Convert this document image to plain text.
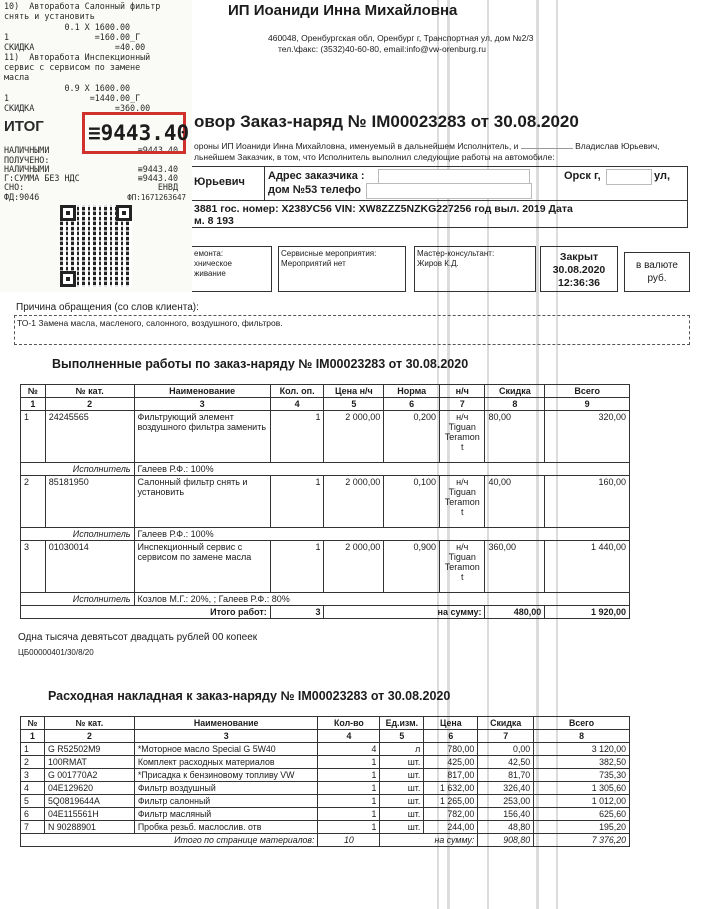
10)  Авторабота Салонный фильтр
снять и установить
0.1 X 1600.00
1                 =160.00_Г
СКИДКА                =40.00
11)  Авторабота Инспекционный
сервис с сервисом по замене
масла
0.9 X 1600.00
1                =1440.00_Г
СКИДКА                =360.00
ИТОГ
НАЛИЧНЫМИ	≡9443.40
ПОЛУЧЕНО:
НАЛИЧНЫМИ	≡9443.40
Г:СУММА БЕЗ НДС	≡9443.40
СНО:	ЕНВД
ФД:9046	ФП:1671263647
≡9443.40
ИП Иоаниди Инна Михайловна
460048, Оренбургская обл, Оренбург г, Транспортная ул, дом №2/3
тел.\факс: (3532)40-60-80, email:info@vw-orenburg.ru
овор Заказ-наряд № IM00023283 от 30.08.2020
ороны ИП Иоаниди Инна Михайловна, именуемый в дальнейшем Исполнитель, и	Владислав Юрьевич,
льнейшем Заказчик, в том, что Исполнитель выполнил следующие работы на автомобиле:
Юрьевич Адрес заказчика :	Орск г,	ул,
дом №53 телефо
3881 гос. номер: Х238УС56 VIN: XW8ZZZ5NZKG227256 год выл. 2019 Дата
м. 8 193
емонта:
хническое
живание
Сервисные мероприятия:
Мероприятий нет
Мастер-консультант:
Жиров К.Д.
Закрыт
30.08.2020
12:36:36
в валюте
руб.
Причина обращения (со слов клиента):
ТО-1 Замена масла, масленого, салонного, воздушного, фильтров.
Выполненные работы по заказ-наряду № IM00023283 от 30.08.2020
№	№ кат.	Наименование	Кол. оп.	Цена н/ч	Норма	н/ч	Скидка	Всего
1	2	3	4	5	6	7	8	9
1	24245565	Фильтрующий элемент воздушного фильтра заменить	1	2 000,00	0,200	н/ч Tiguan Teramon t	80,00	320,00
Исполнитель		Галеев Р.Ф.: 100%						
2	85181950	Салонный фильтр снять и установить	1	2 000,00	0,100	н/ч Tiguan Teramon t	40,00	160,00
Исполнитель		Галеев Р.Ф.: 100%						
3	01030014	Инспекционный сервис с сервисом по замене масла	1	2 000,00	0,900	н/ч Tiguan Teramon t	360,00	1 440,00
Исполнитель		Козлов М.Г.: 20%, ; Галеев Р.Ф.: 80%						
Итого работ:			3	на сумму:			480,00	1 920,00
Одна тысяча девятьсот двадцать рублей 00 копеек
ЦБ00000401/30/8/20
Расходная накладная к заказ-наряду № IM00023283 от 30.08.2020
№	№ кат.	Наименование	Кол-во	Ед.изм.	Цена	Скидка	Всего
1	2	3	4	5	6	7	8
1	G R52502M9	*Моторное масло Special G 5W40	4	л	780,00	0,00	3 120,00
2	100RMAT	Комплект расходных материалов	1	шт.	425,00	42,50	382,50
3	G 001770A2	*Присадка к бензиновому топливу VW	1	шт.	817,00	81,70	735,30
4	04E129620	Фильтр воздушный	1	шт.	1 632,00	326,40	1 305,60
5	5Q0819644A	Фильтр салонный	1	шт.	1 265,00	253,00	1 012,00
6	04E115561H	Фильтр масляный	1	шт.	782,00	156,40	625,60
7	N 90288901	Пробка резьб. маслослив. отв	1	шт.	244,00	48,80	195,20
Итого по странице материалов:			10	на сумму:		908,80	7 376,20
